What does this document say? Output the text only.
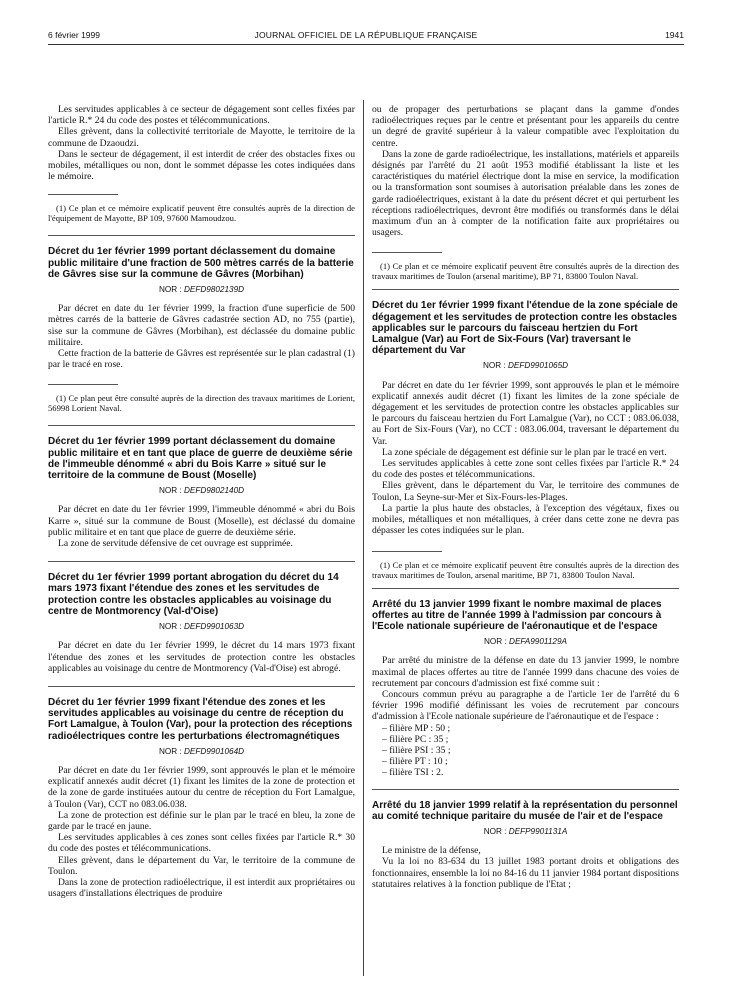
6 février 1999	JOURNAL OFFICIEL DE LA RÉPUBLIQUE FRANÇAISE	1941

Les servitudes applicables à ce secteur de dégagement sont celles fixées par l'article R.* 24 du code des postes et télécommunications.

Elles grèvent, dans la collectivité territoriale de Mayotte, le territoire de la commune de Dzaoudzi.

Dans le secteur de dégagement, il est interdit de créer des obstacles fixes ou mobiles, métalliques ou non, dont le sommet dépasse les cotes indiquées dans le mémoire.

(1) Ce plan et ce mémoire explicatif peuvent être consultés auprès de la direction de l'équipement de Mayotte, BP 109, 97600 Mamoudzou.

Décret du 1er février 1999 portant déclassement du domaine public militaire d'une fraction de 500 mètres carrés de la batterie de Gâvres sise sur la commune de Gâvres (Morbihan)
NOR : DEFD9802139D

Par décret en date du 1er février 1999, la fraction d'une superficie de 500 mètres carrés de la batterie de Gâvres cadastrée section AD, no 755 (partie), sise sur la commune de Gâvres (Morbihan), est déclassée du domaine public militaire.

Cette fraction de la batterie de Gâvres est représentée sur le plan cadastral (1) par le tracé en rose.

(1) Ce plan peut être consulté auprès de la direction des travaux maritimes de Lorient, 56998 Lorient Naval.

Décret du 1er février 1999 portant déclassement du domaine public militaire et en tant que place de guerre de deuxième série de l'immeuble dénommé « abri du Bois Karre » situé sur le territoire de la commune de Boust (Moselle)
NOR : DEFD9802140D

Par décret en date du 1er février 1999, l'immeuble dénommé « abri du Bois Karre », situé sur la commune de Boust (Moselle), est déclassé du domaine public militaire et en tant que place de guerre de deuxième série.

La zone de servitude défensive de cet ouvrage est supprimée.

Décret du 1er février 1999 portant abrogation du décret du 14 mars 1973 fixant l'étendue des zones et les servitudes de protection contre les obstacles applicables au voisinage du centre de Montmorency (Val-d'Oise)
NOR : DEFD9901063D

Par décret en date du 1er février 1999, le décret du 14 mars 1973 fixant l'étendue des zones et les servitudes de protection contre les obstacles applicables au voisinage du centre de Montmorency (Val-d'Oise) est abrogé.

Décret du 1er février 1999 fixant l'étendue des zones et les servitudes applicables au voisinage du centre de réception du Fort Lamalgue, à Toulon (Var), pour la protection des réceptions radioélectriques contre les perturbations électromagnétiques
NOR : DEFD9901064D

Par décret en date du 1er février 1999, sont approuvés le plan et le mémoire explicatif annexés audit décret (1) fixant les limites de la zone de protection et de la zone de garde instituées autour du centre de réception du Fort Lamalgue, à Toulon (Var), CCT no 083.06.038.

La zone de protection est définie sur le plan par le tracé en bleu, la zone de garde par le tracé en jaune.

Les servitudes applicables à ces zones sont celles fixées par l'article R.* 30 du code des postes et télécommunications.

Elles grèvent, dans le département du Var, le territoire de la commune de Toulon.

Dans la zone de protection radioélectrique, il est interdit aux propriétaires ou usagers d'installations électriques de produire

ou de propager des perturbations se plaçant dans la gamme d'ondes radioélectriques reçues par le centre et présentant pour les appareils du centre un degré de gravité supérieur à la valeur compatible avec l'exploitation du centre.

Dans la zone de garde radioélectrique, les installations, matériels et appareils désignés par l'arrêté du 21 août 1953 modifié établissant la liste et les caractéristiques du matériel électrique dont la mise en service, la modification ou la transformation sont soumises à autorisation préalable dans les zones de garde radioélectriques, existant à la date du présent décret et qui perturbent les réceptions radioélectriques, devront être modifiés ou transformés dans le délai maximum d'un an à compter de la notification faite aux propriétaires ou usagers.

(1) Ce plan et ce mémoire explicatif peuvent être consultés auprès de la direction des travaux maritimes de Toulon (arsenal maritime), BP 71, 83800 Toulon Naval.

Décret du 1er février 1999 fixant l'étendue de la zone spéciale de dégagement et les servitudes de protection contre les obstacles applicables sur le parcours du faisceau hertzien du Fort Lamalgue (Var) au Fort de Six-Fours (Var) traversant le département du Var
NOR : DEFD9901065D

Par décret en date du 1er février 1999, sont approuvés le plan et le mémoire explicatif annexés audit décret (1) fixant les limites de la zone spéciale de dégagement et les servitudes de protection contre les obstacles applicables sur le parcours du faisceau hertzien du Fort Lamalgue (Var), no CCT : 083.06.038, au Fort de Six-Fours (Var), no CCT : 083.06.004, traversant le département du Var.

La zone spéciale de dégagement est définie sur le plan par le tracé en vert.

Les servitudes applicables à cette zone sont celles fixées par l'article R.* 24 du code des postes et télécommunications.

Elles grèvent, dans le département du Var, le territoire des communes de Toulon, La Seyne-sur-Mer et Six-Fours-les-Plages.

La partie la plus haute des obstacles, à l'exception des végétaux, fixes ou mobiles, métalliques et non métalliques, à créer dans cette zone ne devra pas dépasser les cotes indiquées sur le plan.

(1) Ce plan et ce mémoire explicatif peuvent être consultés auprès de la direction des travaux maritimes de Toulon, arsenal maritime, BP 71, 83800 Toulon Naval.

Arrêté du 13 janvier 1999 fixant le nombre maximal de places offertes au titre de l'année 1999 à l'admission par concours à l'Ecole nationale supérieure de l'aéronautique et de l'espace
NOR : DEFA9901129A

Par arrêté du ministre de la défense en date du 13 janvier 1999, le nombre maximal de places offertes au titre de l'année 1999 dans chacune des voies de recrutement par concours d'admission est fixé comme suit :

Concours commun prévu au paragraphe a de l'article 1er de l'arrêté du 6 février 1996 modifié définissant les voies de recrutement par concours d'admission à l'Ecole nationale supérieure de l'aéronautique et de l'espace :

– filière MP : 50 ;

– filière PC : 35 ;

– filière PSI : 35 ;

– filière PT : 10 ;

– filière TSI : 2.

Arrêté du 18 janvier 1999 relatif à la représentation du personnel au comité technique paritaire du musée de l'air et de l'espace
NOR : DEFP9901131A

Le ministre de la défense,

Vu la loi no 83-634 du 13 juillet 1983 portant droits et obligations des fonctionnaires, ensemble la loi no 84-16 du 11 janvier 1984 portant dispositions statutaires relatives à la fonction publique de l'Etat ;
